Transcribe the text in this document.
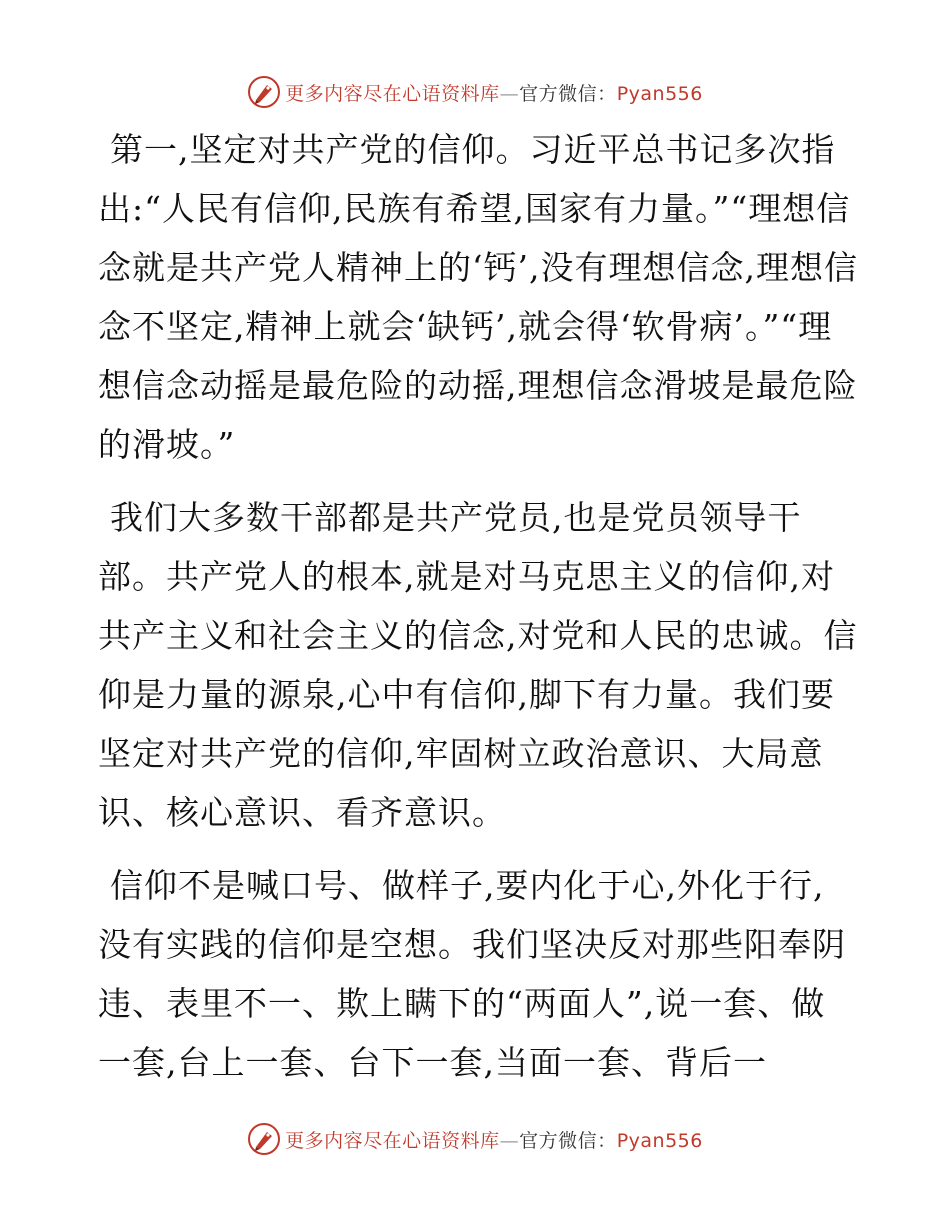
更多内容尽在心语资料库—官方微信：Pyan556

第一,坚定对共产党的信仰。习近平总书记多次指出:“人民有信仰,民族有希望,国家有力量。”“理想信念就是共产党人精神上的‘钙’,没有理想信念,理想信念不坚定,精神上就会‘缺钙’,就会得‘软骨病’。”“理想信念动摇是最危险的动摇,理想信念滑坡是最危险的滑坡。”

我们大多数干部都是共产党员,也是党员领导干部。共产党人的根本,就是对马克思主义的信仰,对共产主义和社会主义的信念,对党和人民的忠诚。信仰是力量的源泉,心中有信仰,脚下有力量。我们要坚定对共产党的信仰,牢固树立政治意识、大局意识、核心意识、看齐意识。

信仰不是喊口号、做样子,要内化于心,外化于行,没有实践的信仰是空想。我们坚决反对那些阳奉阴违、表里不一、欺上瞒下的“两面人”,说一套、做一套,台上一套、台下一套,当面一套、背后一

更多内容尽在心语资料库—官方微信：Pyan556
